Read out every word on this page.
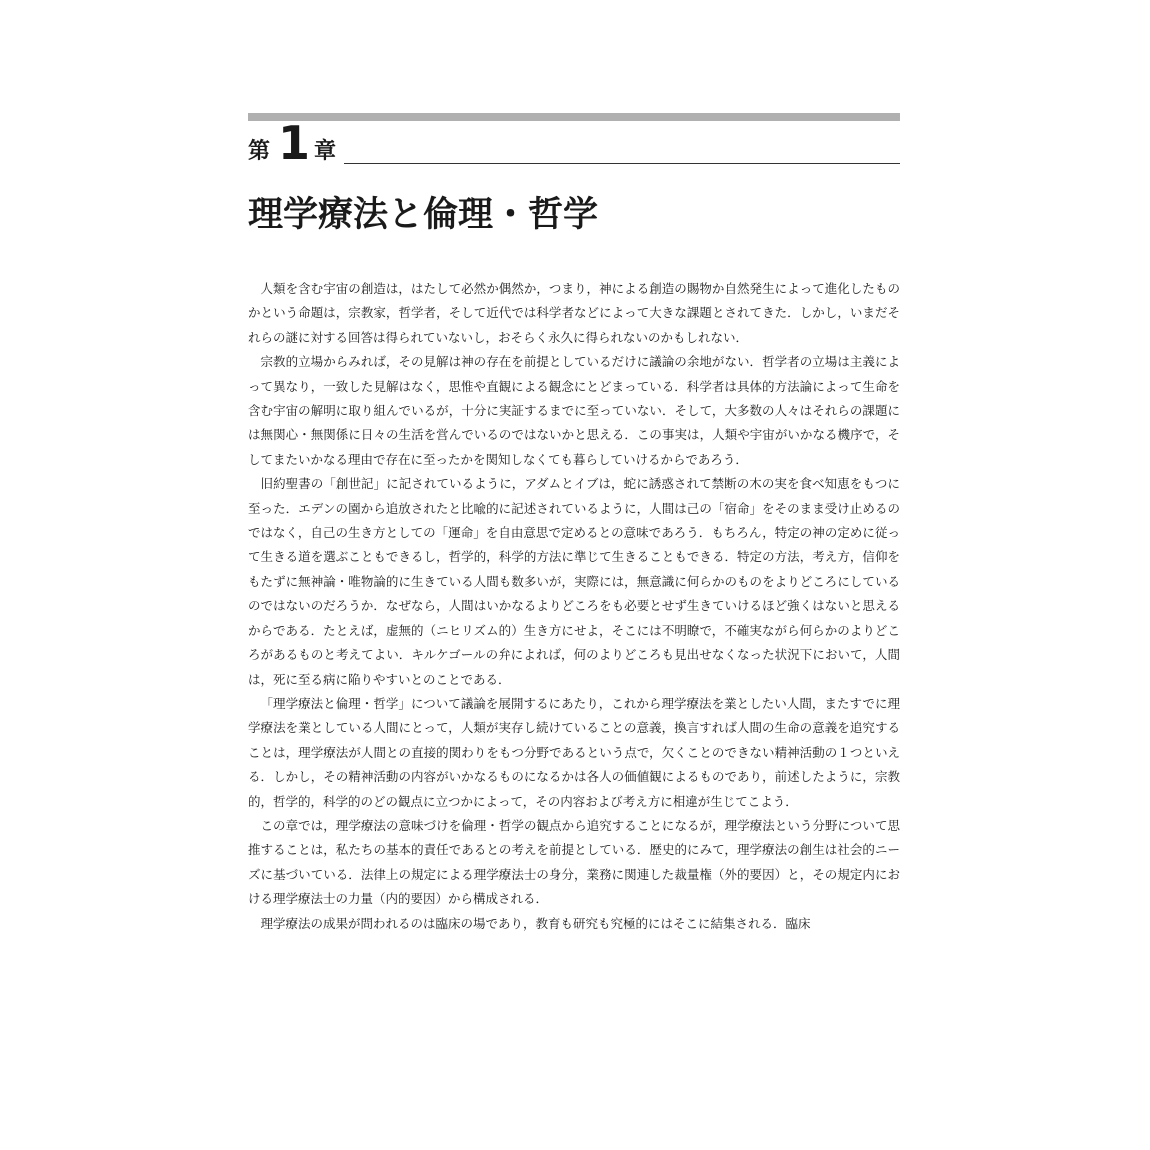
第 1 章
理学療法と倫理・哲学

人類を含む宇宙の創造は，はたして必然か偶然か，つまり，神による創造の賜物か自然発生によって進化したものかという命題は，宗教家，哲学者，そして近代では科学者などによって大きな課題とされてきた．しかし，いまだそれらの謎に対する回答は得られていないし，おそらく永久に得られないのかもしれない．

宗教的立場からみれば，その見解は神の存在を前提としているだけに議論の余地がない．哲学者の立場は主義によって異なり，一致した見解はなく，思惟や直観による観念にとどまっている．科学者は具体的方法論によって生命を含む宇宙の解明に取り組んでいるが，十分に実証するまでに至っていない．そして，大多数の人々はそれらの課題には無関心・無関係に日々の生活を営んでいるのではないかと思える．この事実は，人類や宇宙がいかなる機序で，そしてまたいかなる理由で存在に至ったかを関知しなくても暮らしていけるからであろう．

旧約聖書の「創世記」に記されているように，アダムとイブは，蛇に誘惑されて禁断の木の実を食べ知恵をもつに至った．エデンの園から追放されたと比喩的に記述されているように，人間は己の「宿命」をそのまま受け止めるのではなく，自己の生き方としての「運命」を自由意思で定めるとの意味であろう．もちろん，特定の神の定めに従って生きる道を選ぶこともできるし，哲学的，科学的方法に準じて生きることもできる．特定の方法，考え方，信仰をもたずに無神論・唯物論的に生きている人間も数多いが，実際には，無意識に何らかのものをよりどころにしているのではないのだろうか．なぜなら，人間はいかなるよりどころをも必要とせず生きていけるほど強くはないと思えるからである．たとえば，虚無的（ニヒリズム的）生き方にせよ，そこには不明瞭で，不確実ながら何らかのよりどころがあるものと考えてよい．キルケゴールの弁によれば，何のよりどころも見出せなくなった状況下において，人間は，死に至る病に陥りやすいとのことである．

「理学療法と倫理・哲学」について議論を展開するにあたり，これから理学療法を業としたい人間，またすでに理学療法を業としている人間にとって，人類が実存し続けていることの意義，換言すれば人間の生命の意義を追究することは，理学療法が人間との直接的関わりをもつ分野であるという点で，欠くことのできない精神活動の１つといえる．しかし，その精神活動の内容がいかなるものになるかは各人の価値観によるものであり，前述したように，宗教的，哲学的，科学的のどの観点に立つかによって，その内容および考え方に相違が生じてこよう．

この章では，理学療法の意味づけを倫理・哲学の観点から追究することになるが，理学療法という分野について思推することは，私たちの基本的責任であるとの考えを前提としている．歴史的にみて，理学療法の創生は社会的ニーズに基づいている．法律上の規定による理学療法士の身分，業務に関連した裁量権（外的要因）と，その規定内における理学療法士の力量（内的要因）から構成される．

理学療法の成果が問われるのは臨床の場であり，教育も研究も究極的にはそこに結集される．臨床
